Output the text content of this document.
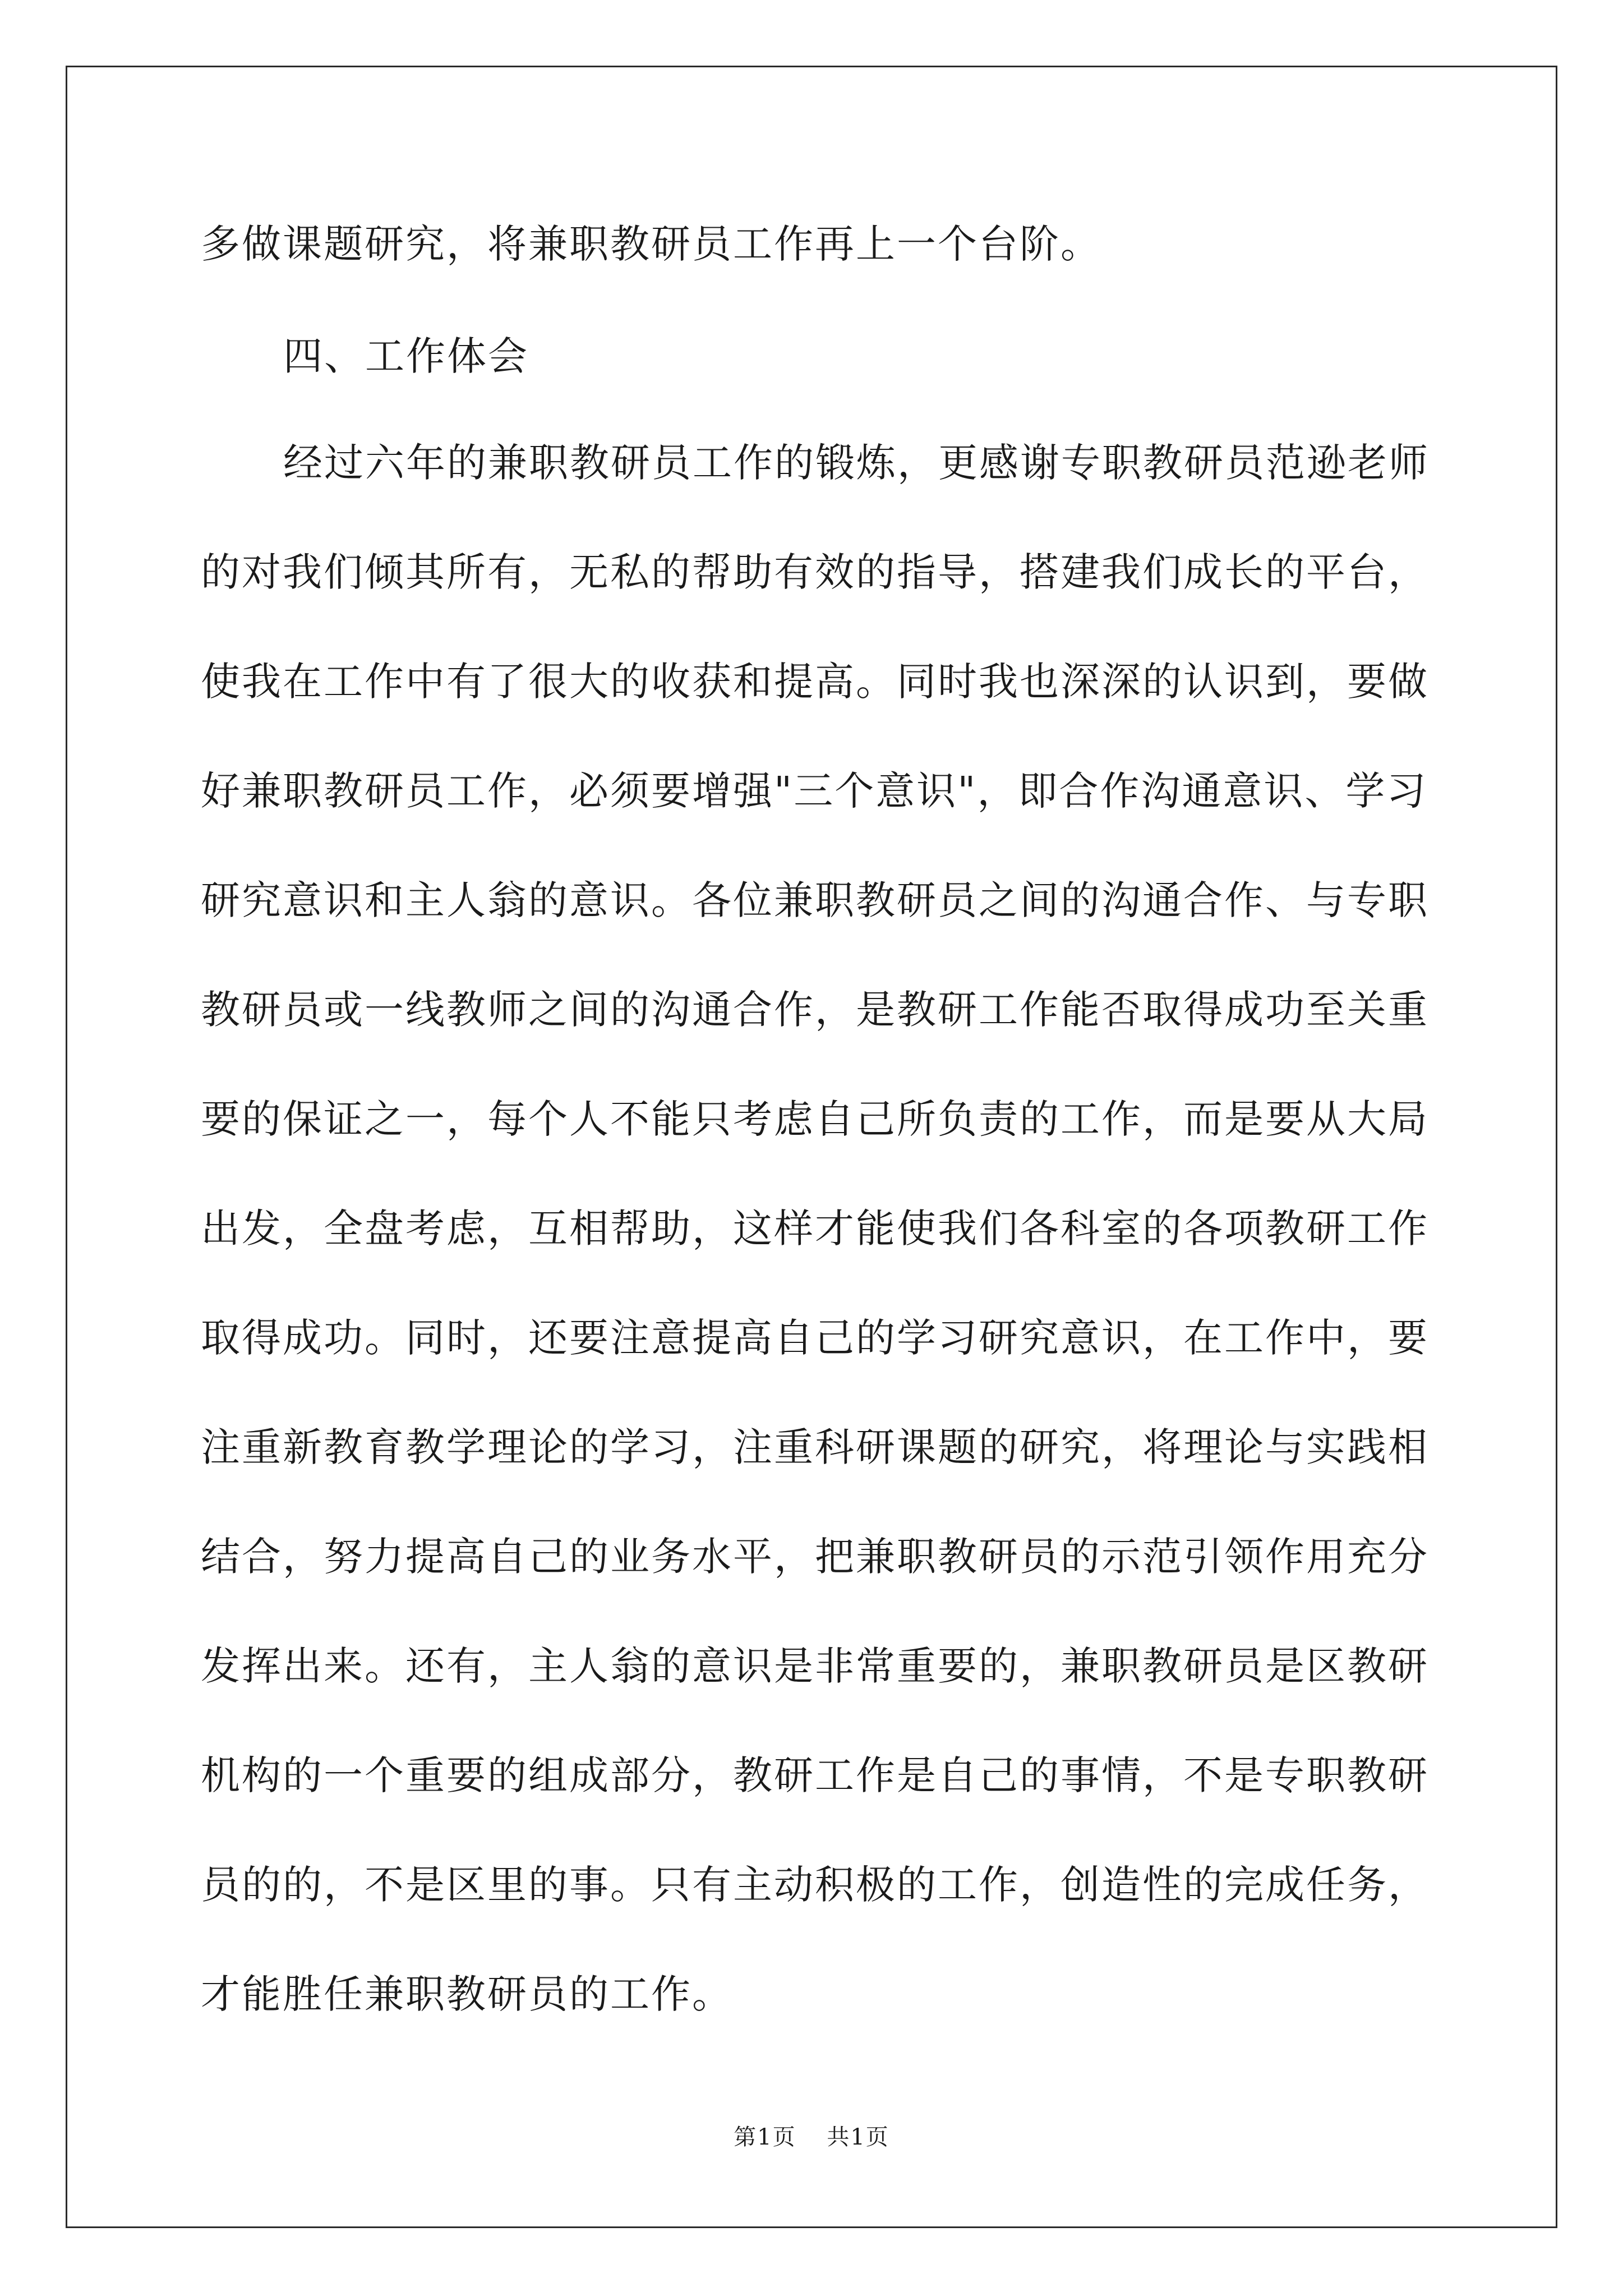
多做课题研究，将兼职教研员工作再上一个台阶。
四、工作体会
经过六年的兼职教研员工作的锻炼，更感谢专职教研员范逊老师
的对我们倾其所有，无私的帮助有效的指导，搭建我们成长的平台，
使我在工作中有了很大的收获和提高。同时我也深深的认识到，要做
好兼职教研员工作，必须要增强"三个意识"，即合作沟通意识、学习
研究意识和主人翁的意识。各位兼职教研员之间的沟通合作、与专职
教研员或一线教师之间的沟通合作，是教研工作能否取得成功至关重
要的保证之一，每个人不能只考虑自己所负责的工作，而是要从大局
出发，全盘考虑，互相帮助，这样才能使我们各科室的各项教研工作
取得成功。同时，还要注意提高自己的学习研究意识，在工作中，要
注重新教育教学理论的学习，注重科研课题的研究，将理论与实践相
结合，努力提高自己的业务水平，把兼职教研员的示范引领作用充分
发挥出来。还有，主人翁的意识是非常重要的，兼职教研员是区教研
机构的一个重要的组成部分，教研工作是自己的事情，不是专职教研
员的的，不是区里的事。只有主动积极的工作，创造性的完成任务，
才能胜任兼职教研员的工作。
第1页 共1页
